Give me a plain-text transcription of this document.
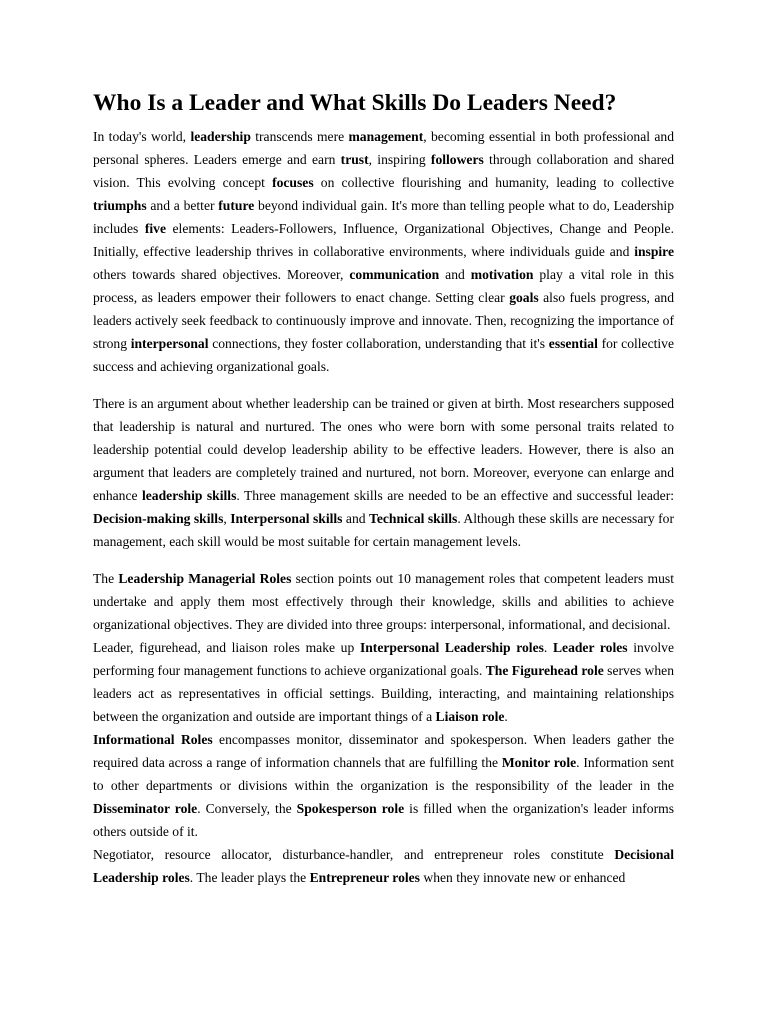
Who Is a Leader and What Skills Do Leaders Need?

In today's world, leadership transcends mere management, becoming essential in both professional and personal spheres. Leaders emerge and earn trust, inspiring followers through collaboration and shared vision. This evolving concept focuses on collective flourishing and humanity, leading to collective triumphs and a better future beyond individual gain. It's more than telling people what to do, Leadership includes five elements: Leaders-Followers, Influence, Organizational Objectives, Change and People. Initially, effective leadership thrives in collaborative environments, where individuals guide and inspire others towards shared objectives. Moreover, communication and motivation play a vital role in this process, as leaders empower their followers to enact change. Setting clear goals also fuels progress, and leaders actively seek feedback to continuously improve and innovate. Then, recognizing the importance of strong interpersonal connections, they foster collaboration, understanding that it's essential for collective success and achieving organizational goals.

There is an argument about whether leadership can be trained or given at birth. Most researchers supposed that leadership is natural and nurtured. The ones who were born with some personal traits related to leadership potential could develop leadership ability to be effective leaders. However, there is also an argument that leaders are completely trained and nurtured, not born. Moreover, everyone can enlarge and enhance leadership skills. Three management skills are needed to be an effective and successful leader: Decision-making skills, Interpersonal skills and Technical skills. Although these skills are necessary for management, each skill would be most suitable for certain management levels.

The Leadership Managerial Roles section points out 10 management roles that competent leaders must undertake and apply them most effectively through their knowledge, skills and abilities to achieve organizational objectives. They are divided into three groups: interpersonal, informational, and decisional.

Leader, figurehead, and liaison roles make up Interpersonal Leadership roles. Leader roles involve performing four management functions to achieve organizational goals. The Figurehead role serves when leaders act as representatives in official settings. Building, interacting, and maintaining relationships between the organization and outside are important things of a Liaison role.

Informational Roles encompasses monitor, disseminator and spokesperson. When leaders gather the required data across a range of information channels that are fulfilling the Monitor role. Information sent to other departments or divisions within the organization is the responsibility of the leader in the Disseminator role. Conversely, the Spokesperson role is filled when the organization's leader informs others outside of it.

Negotiator, resource allocator, disturbance-handler, and entrepreneur roles constitute Decisional Leadership roles. The leader plays the Entrepreneur roles when they innovate new or enhanced
